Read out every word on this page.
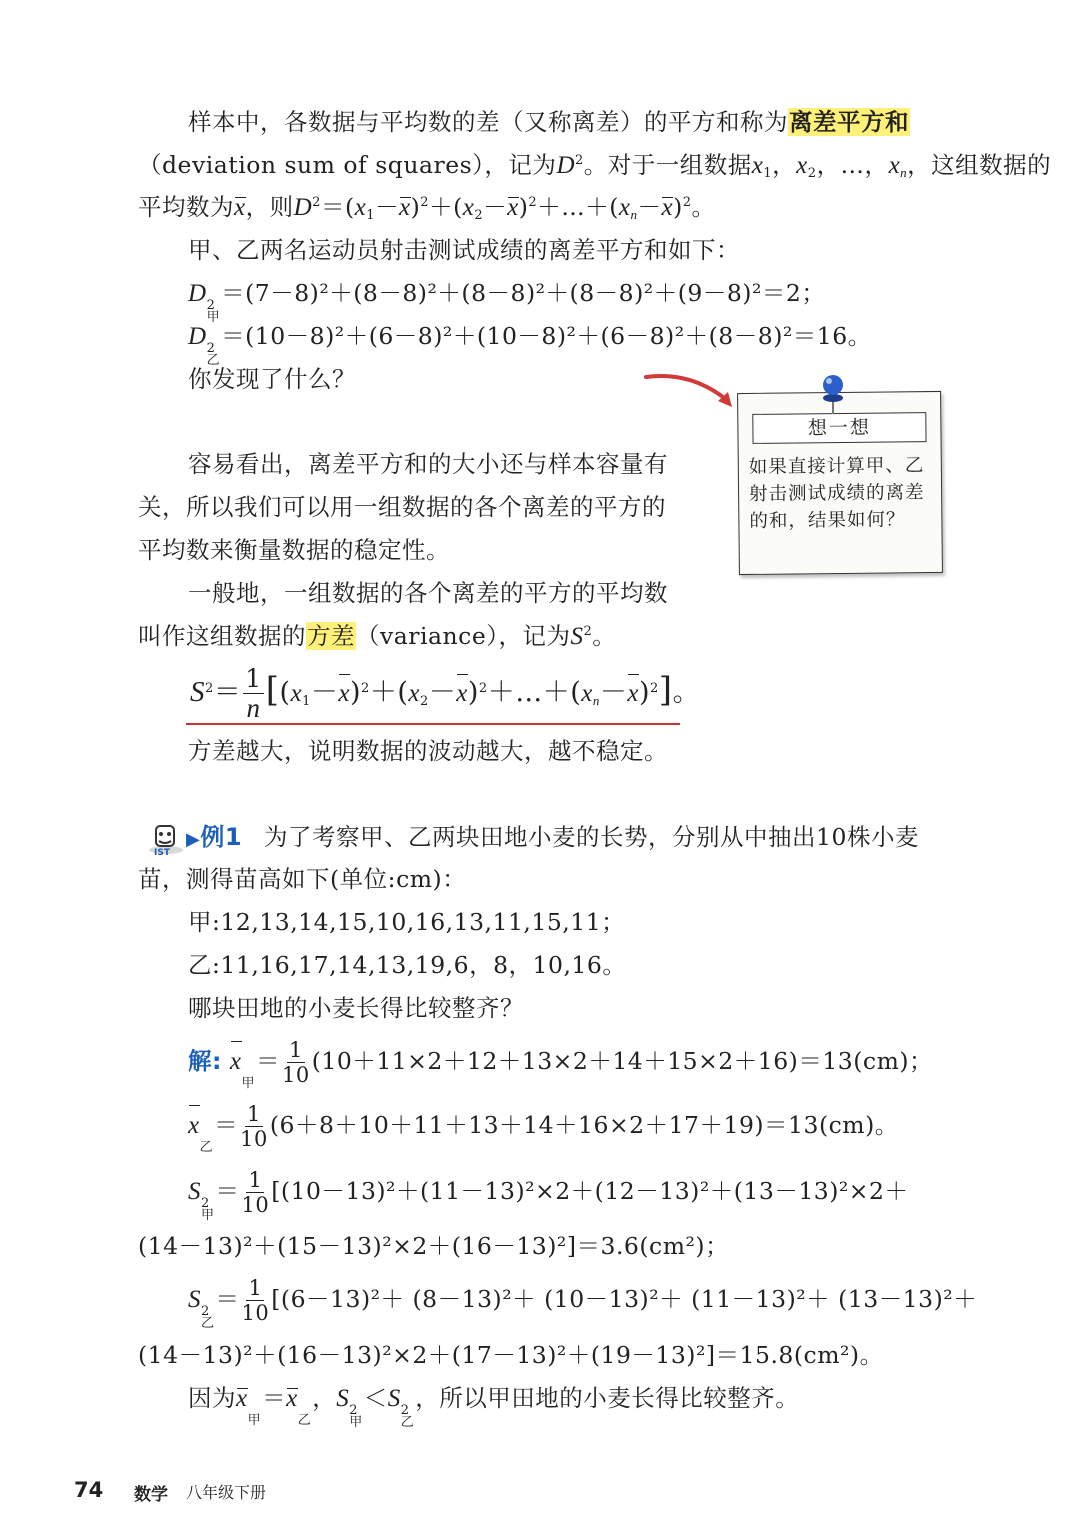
样本中，各数据与平均数的差（又称离差）的平方和称为离差平方和
（deviation sum of squares），记为$D^2$。对于一组数据$x_1$，$x_2$，…，$x_n$，这组数据的
平均数为x，则$D^2=(x_1-x)^2+(x_2-x)^2+\dots+(x_n-x)^2$。
甲、乙两名运动员射击测试成绩的离差平方和如下：
D 2
甲
＝(7－8)²＋(8－8)²＋(8－8)²＋(8－8)²＋(9－8)²＝2；
D 2
乙
＝(10－8)²＋(6－8)²＋(10－8)²＋(6－8)²＋(8－8)²＝16。
你发现了什么？
想一想
如果直接计算甲、乙射击测试成绩的离差的和，结果如何？
容易看出，离差平方和的大小还与样本容量有
关，所以我们可以用一组数据的各个离差的平方的
平均数来衡量数据的稳定性。
一般地，一组数据的各个离差的平方的平均数
叫作这组数据的方差（variance），记为$S^2$。
$S^2= \frac{1}{n}$ $[(x_1-x)^2+(x_2-x)^2+\dots+(x_n-x)^2]$。
方差越大，说明数据的波动越大，越不稳定。
IST
▶例1 为了考察甲、乙两块田地小麦的长势，分别从中抽出10株小麦
苗，测得苗高如下(单位:cm)：
甲:12,13,14,15,10,16,13,11,15,11；
乙:11,16,17,14,13,19,6，8，10,16。
哪块田地的小麦长得比较整齐？
解: x

甲
＝ $\frac{1}{10} (10+11\times 2+12+13\times 2+14+15\times 2+16)=13(cm)$；
x

乙
＝ $\frac{1}{10} (6+8+10+11+13+14+16\times 2+17+19)=13(cm)$。
S 2
甲
＝ $\frac{1}{10} [(10-13)^2+(11-13)^2\times 2+(12-13)^2+(13-13)^2\times 2+$
(14－13)²＋(15－13)²×2＋(16－13)²]＝3.6(cm²)；
S 2
乙
＝ $\frac{1}{10} [(6-13)^2+ (8-13)^2+ (10-13)^2+ (11-13)^2+ (13-13)^2+$
(14－13)²＋(16－13)²×2＋(17－13)²＋(19－13)²]＝15.8(cm²)。
因为x

甲
＝x

乙
，S 2
甲
＜S 2
乙
，所以甲田地的小麦长得比较整齐。
74 数学 八年级下册
